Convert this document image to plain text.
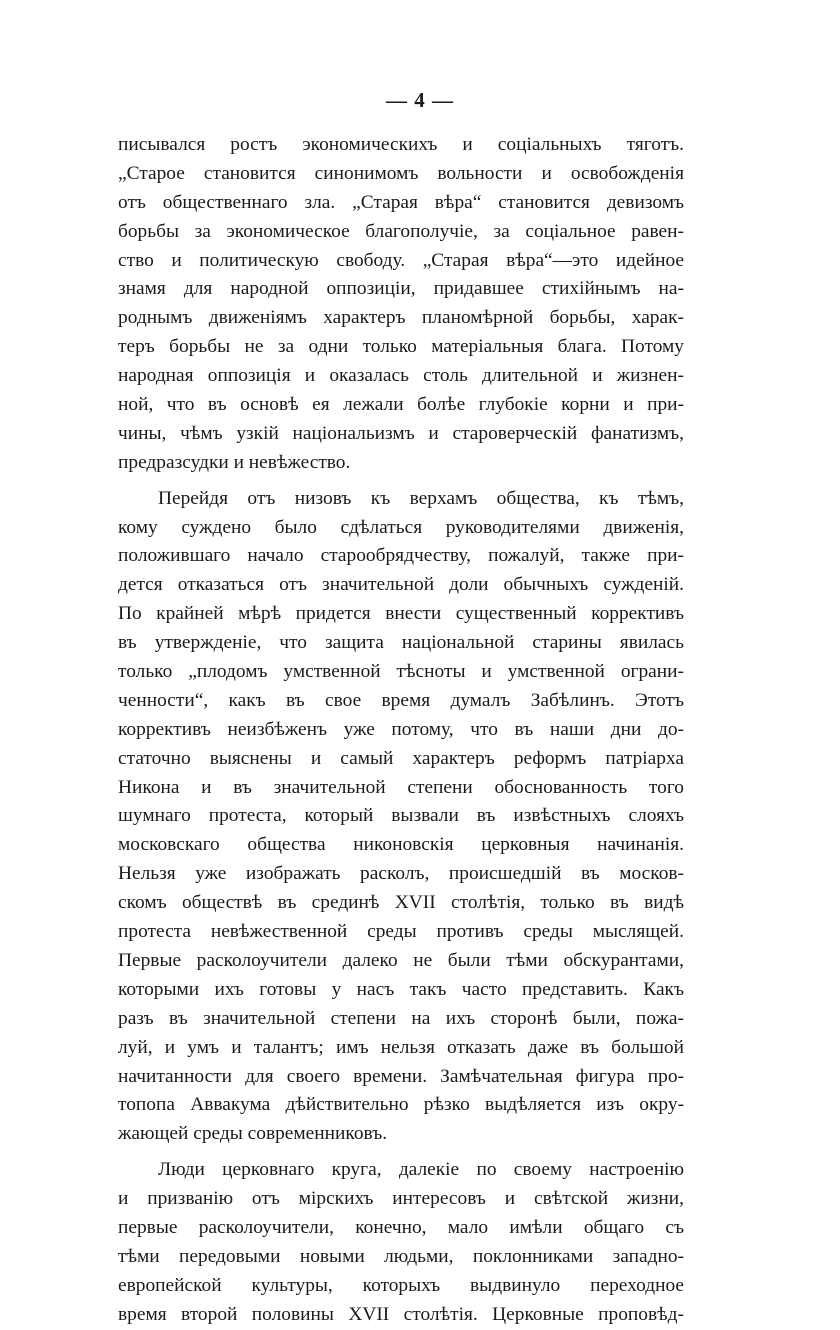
— 4 —
писывался ростъ экономическихъ и соціальныхъ тяготъ.
„Старое становится синонимомъ вольности и освобожденія
отъ общественнаго зла. „Старая вѣра“ становится девизомъ
борьбы за экономическое благополучіе, за соціальное равен-
ство и политическую свободу. „Старая вѣра“—это идейное
знамя для народной оппозиціи, придавшее стихійнымъ на-
роднымъ движеніямъ характеръ планомѣрной борьбы, харак-
теръ борьбы не за одни только матеріальныя блага. Потому
народная оппозиція и оказалась столь длительной и жизнен-
ной, что въ основѣ ея лежали болѣе глубокіе корни и при-
чины, чѣмъ узкій національизмъ и староверческій фанатизмъ,
предразсудки и невѣжество.
Перейдя отъ низовъ къ верхамъ общества, къ тѣмъ,
кому суждено было сдѣлаться руководителями движенія,
положившаго начало старообрядчеству, пожалуй, также при-
дется отказаться отъ значительной доли обычныхъ сужденій.
По крайней мѣрѣ придется внести существенный коррективъ
въ утвержденіе, что защита національной старины явилась
только „плодомъ умственной тѣсноты и умственной ограни-
ченности“, какъ въ свое время думалъ Забѣлинъ. Этотъ
коррективъ неизбѣженъ уже потому, что въ наши дни до-
статочно выяснены и самый характеръ реформъ патріарха
Никона и въ значительной степени обоснованность того
шумнаго протеста, который вызвали въ извѣстныхъ слояхъ
московскаго общества никоновскія церковныя начинанія.
Нельзя уже изображать расколъ, происшедшій въ москов-
скомъ обществѣ въ срединѣ XVII столѣтія, только въ видѣ
протеста невѣжественной среды противъ среды мыслящей.
Первые расколоучители далеко не были тѣми обскурантами,
которыми ихъ готовы у насъ такъ часто представить. Какъ
разъ въ значительной степени на ихъ сторонѣ были, пожа-
луй, и умъ и талантъ; имъ нельзя отказать даже въ большой
начитанности для своего времени. Замѣчательная фигура про-
топопа Аввакума дѣйствительно рѣзко выдѣляется изъ окру-
жающей среды современниковъ.
Люди церковнаго круга, далекіе по своему настроенію
и призванію отъ мірскихъ интересовъ и свѣтской жизни,
первые расколоучители, конечно, мало имѣли общаго съ
тѣми передовыми новыми людьми, поклонниками западно-
европейской культуры, которыхъ выдвинуло переходное
время второй половины XVII столѣтія. Церковные проповѣд-
